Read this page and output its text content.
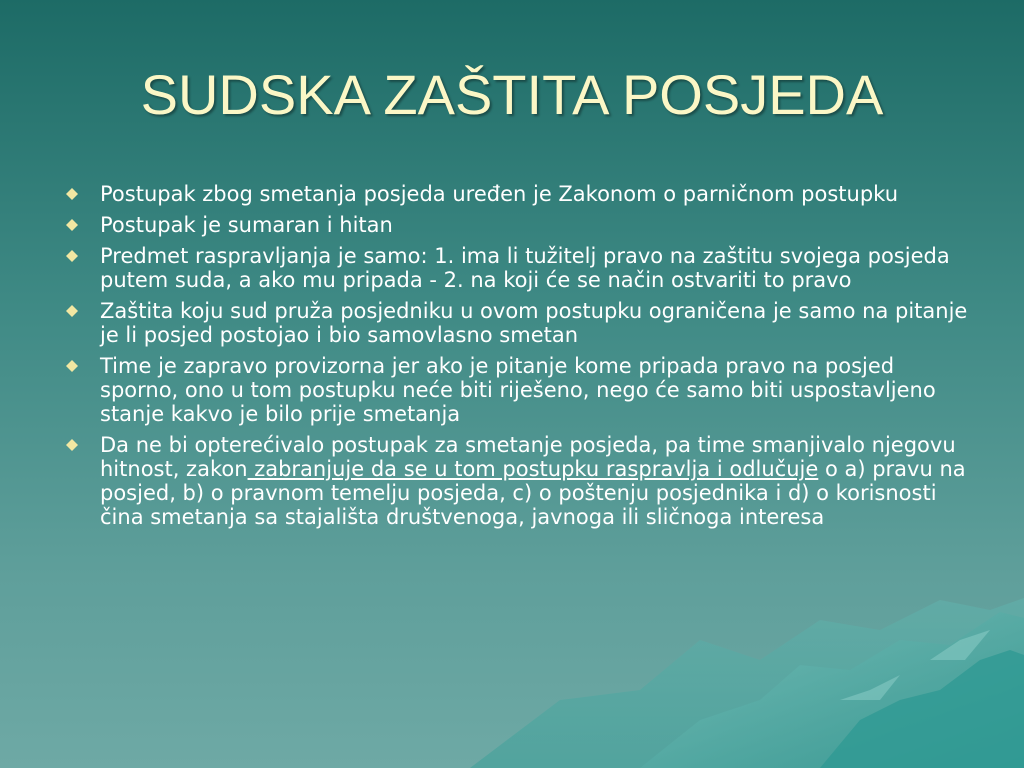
SUDSKA ZAŠTITA POSJEDA
Postupak zbog smetanja posjeda uređen je Zakonom o parničnom postupku
Postupak je sumaran i hitan
Predmet raspravljanja je samo: 1. ima li tužitelj pravo na zaštitu svojega posjeda putem suda, a ako mu pripada - 2. na koji će se način ostvariti to pravo
Zaštita koju sud pruža posjedniku u ovom postupku ograničena je samo na pitanje je li posjed postojao i bio samovlasno smetan
Time je zapravo provizorna jer ako je pitanje kome pripada pravo na posjed sporno, ono u tom postupku neće biti riješeno, nego će samo biti uspostavljeno stanje kakvo je bilo prije smetanja
Da ne bi opterećivalo postupak za smetanje posjeda, pa time smanjivalo njegovu hitnost, zakon zabranjuje da se u tom postupku raspravlja i odlučuje o a) pravu na posjed, b) o pravnom temelju posjeda, c) o poštenju posjednika i d) o korisnosti čina smetanja sa stajališta društvenoga, javnoga ili sličnoga interesa
